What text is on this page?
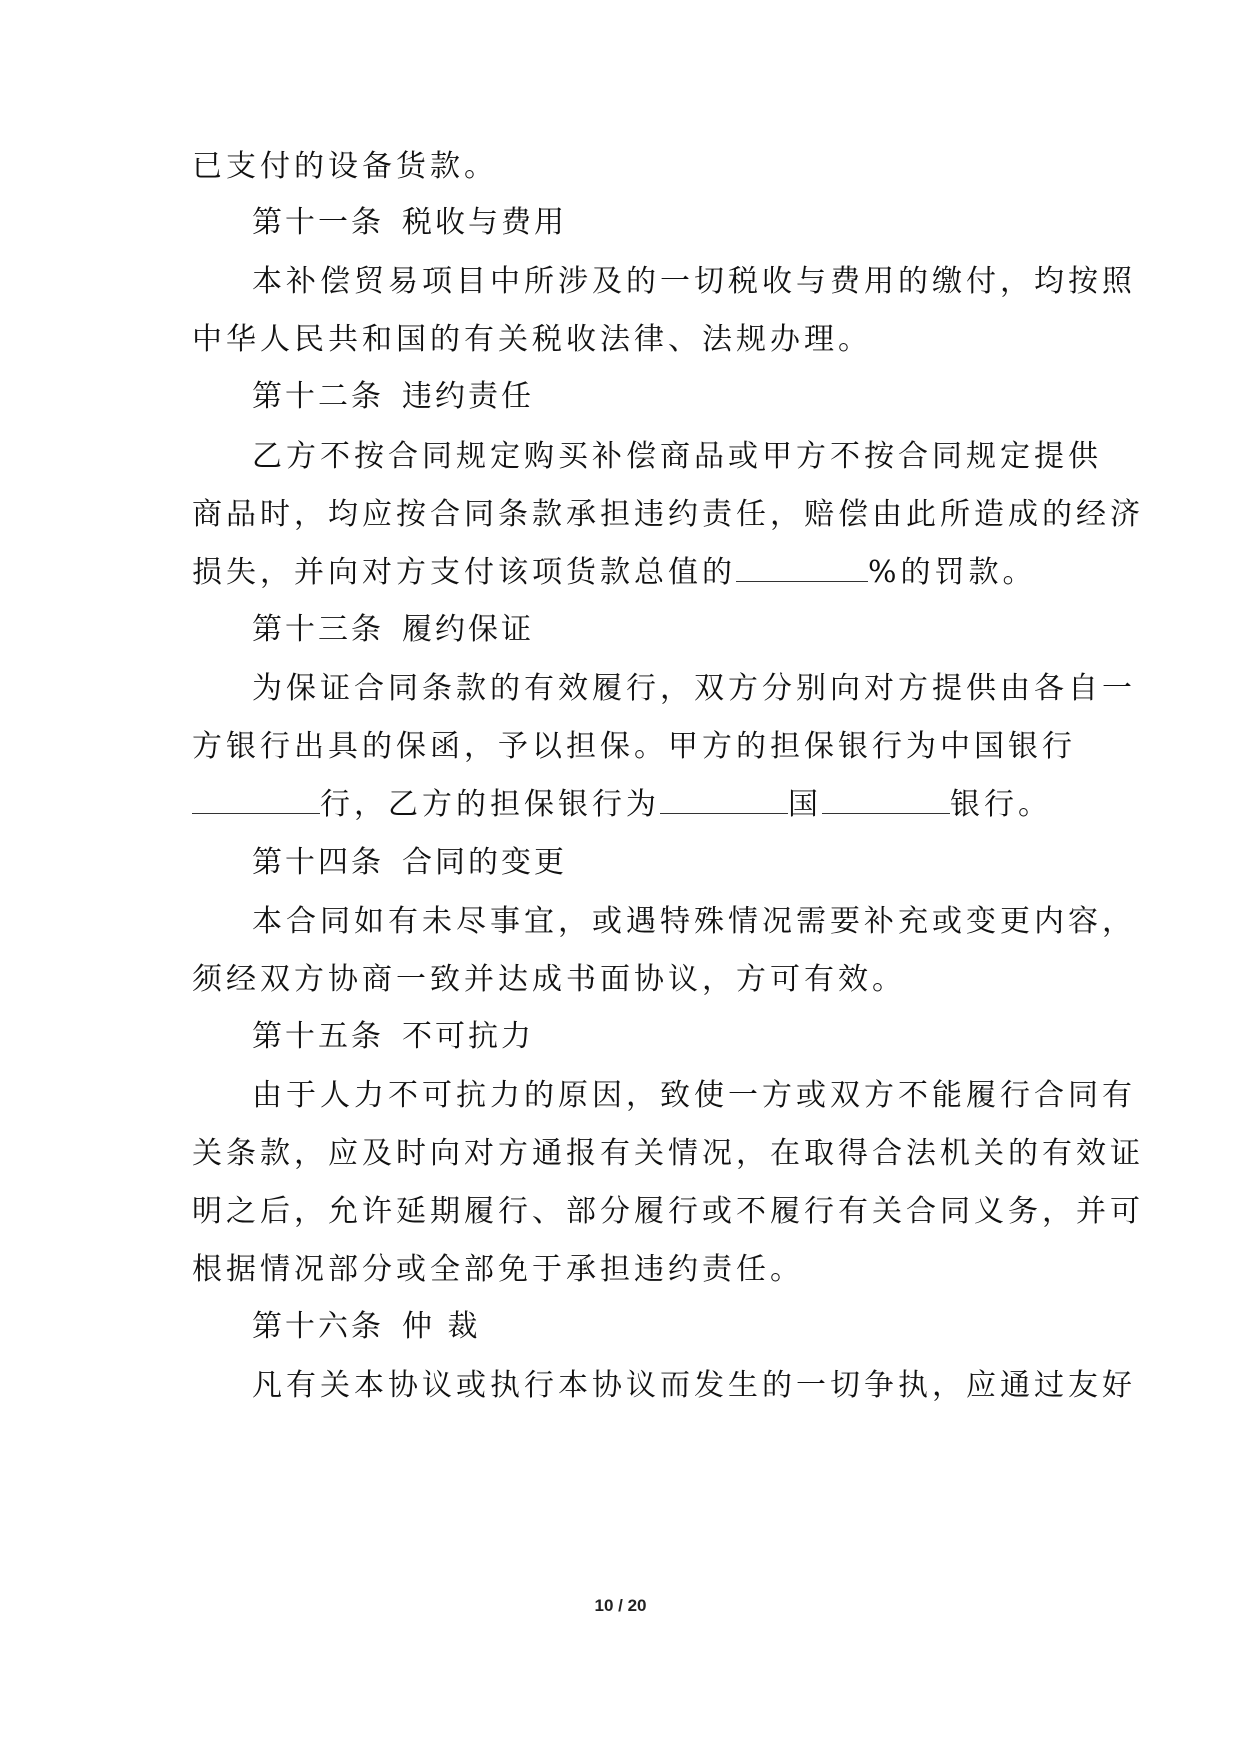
已支付的设备货款。
第十一条 税收与费用
本补偿贸易项目中所涉及的一切税收与费用的缴付，均按照
中华人民共和国的有关税收法律、法规办理。
第十二条 违约责任
乙方不按合同规定购买补偿商品或甲方不按合同规定提供
商品时，均应按合同条款承担违约责任，赔偿由此所造成的经济
损失，并向对方支付该项货款总值的	%的罚款。
第十三条 履约保证
为保证合同条款的有效履行，双方分别向对方提供由各自一
方银行出具的保函，予以担保。甲方的担保银行为中国银行
行，乙方的担保银行为	国	银行。
第十四条 合同的变更
本合同如有未尽事宜，或遇特殊情况需要补充或变更内容，
须经双方协商一致并达成书面协议，方可有效。
第十五条 不可抗力
由于人力不可抗力的原因，致使一方或双方不能履行合同有
关条款，应及时向对方通报有关情况，在取得合法机关的有效证
明之后，允许延期履行、部分履行或不履行有关合同义务，并可
根据情况部分或全部免于承担违约责任。
第十六条 仲 裁
凡有关本协议或执行本协议而发生的一切争执，应通过友好
10 / 20
